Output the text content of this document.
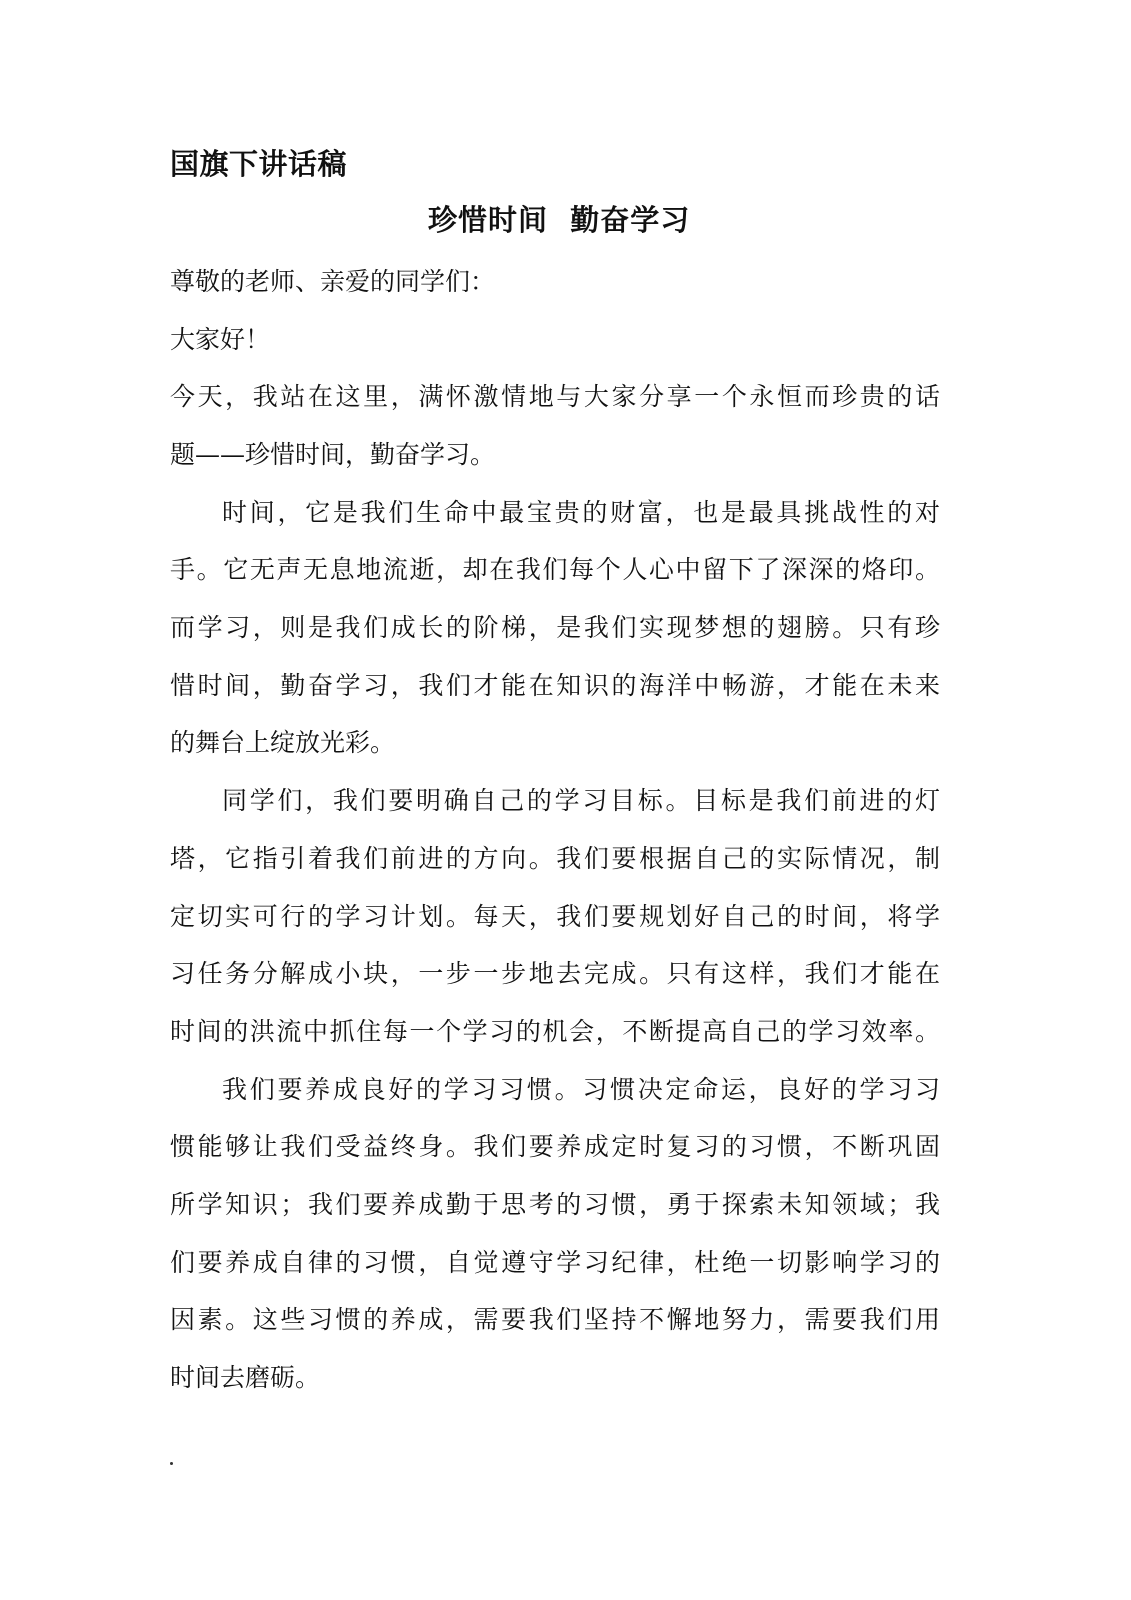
国旗下讲话稿
珍惜时间  勤奋学习
尊敬的老师、亲爱的同学们：
大家好！
今天，我站在这里，满怀激情地与大家分享一个永恒而珍贵的话
题——珍惜时间，勤奋学习。
时间，它是我们生命中最宝贵的财富，也是最具挑战性的对
手。它无声无息地流逝，却在我们每个人心中留下了深深的烙印。
而学习，则是我们成长的阶梯，是我们实现梦想的翅膀。只有珍
惜时间，勤奋学习，我们才能在知识的海洋中畅游，才能在未来
的舞台上绽放光彩。
同学们，我们要明确自己的学习目标。目标是我们前进的灯
塔，它指引着我们前进的方向。我们要根据自己的实际情况，制
定切实可行的学习计划。每天，我们要规划好自己的时间，将学
习任务分解成小块，一步一步地去完成。只有这样，我们才能在
时间的洪流中抓住每一个学习的机会，不断提高自己的学习效率。
我们要养成良好的学习习惯。习惯决定命运，良好的学习习
惯能够让我们受益终身。我们要养成定时复习的习惯，不断巩固
所学知识；我们要养成勤于思考的习惯，勇于探索未知领域；我
们要养成自律的习惯，自觉遵守学习纪律，杜绝一切影响学习的
因素。这些习惯的养成，需要我们坚持不懈地努力，需要我们用
时间去磨砺。
